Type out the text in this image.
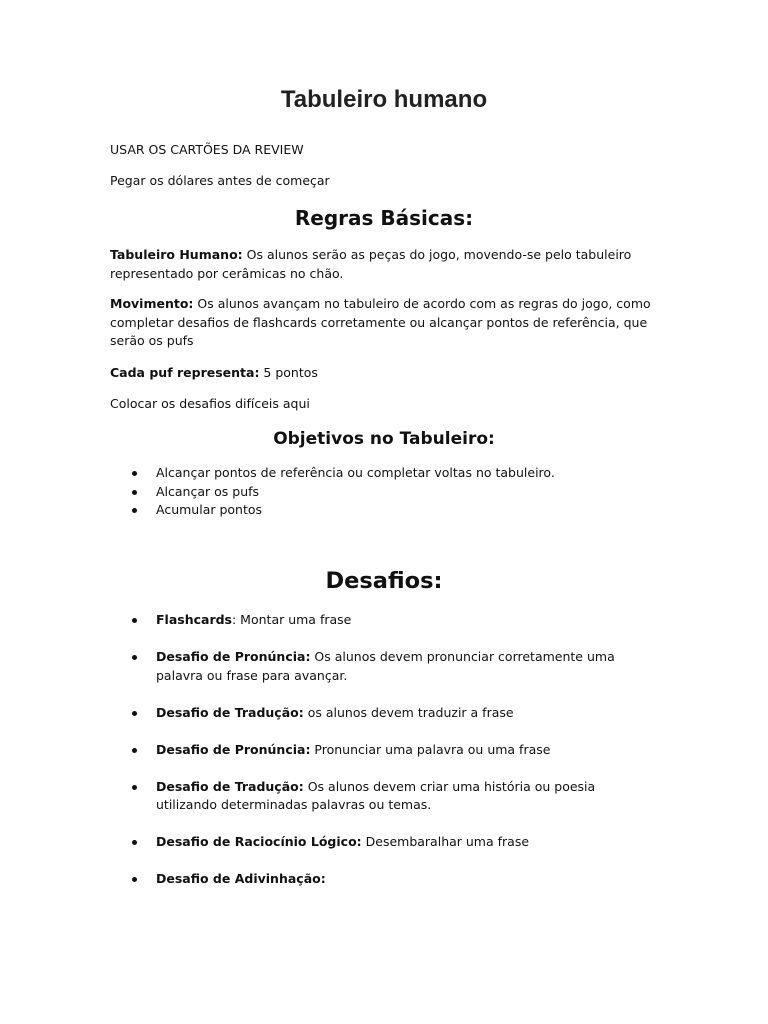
Tabuleiro humano

USAR OS CARTÕES DA REVIEW

Pegar os dólares antes de começar

Regras Básicas:

Tabuleiro Humano: Os alunos serão as peças do jogo, movendo-se pelo tabuleiro representado por cerâmicas no chão.

Movimento: Os alunos avançam no tabuleiro de acordo com as regras do jogo, como completar desafios de flashcards corretamente ou alcançar pontos de referência, que serão os pufs

Cada puf representa: 5 pontos

Colocar os desafios difíceis aqui

Objetivos no Tabuleiro:
Alcançar pontos de referência ou completar voltas no tabuleiro.
Alcançar os pufs
Acumular pontos
Desafios:
Flashcards: Montar uma frase
Desafio de Pronúncia: Os alunos devem pronunciar corretamente uma palavra ou frase para avançar.
Desafio de Tradução: os alunos devem traduzir a frase
Desafio de Pronúncia: Pronunciar uma palavra ou uma frase
Desafio de Tradução: Os alunos devem criar uma história ou poesia utilizando determinadas palavras ou temas.
Desafio de Raciocínio Lógico: Desembaralhar uma frase
Desafio de Adivinhação:
